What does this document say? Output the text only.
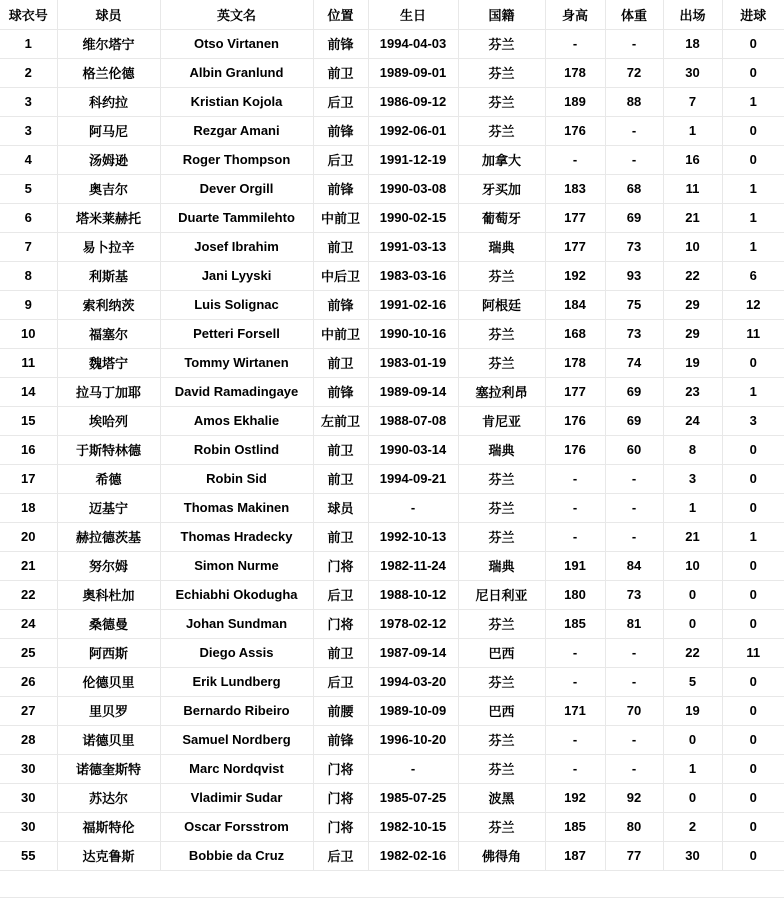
球衣号	球员	英文名	位置	生日	国籍	身高	体重	出场	进球
1	维尔塔宁	Otso Virtanen	前锋	1994-04-03	芬兰	-	-	18	0
2	格兰伦德	Albin Granlund	前卫	1989-09-01	芬兰	178	72	30	0
3	科约拉	Kristian Kojola	后卫	1986-09-12	芬兰	189	88	7	1
3	阿马尼	Rezgar Amani	前锋	1992-06-01	芬兰	176	-	1	0
4	汤姆逊	Roger Thompson	后卫	1991-12-19	加拿大	-	-	16	0
5	奥吉尔	Dever Orgill	前锋	1990-03-08	牙买加	183	68	11	1
6	塔米莱赫托	Duarte Tammilehto	中前卫	1990-02-15	葡萄牙	177	69	21	1
7	易卜拉辛	Josef Ibrahim	前卫	1991-03-13	瑞典	177	73	10	1
8	利斯基	Jani Lyyski	中后卫	1983-03-16	芬兰	192	93	22	6
9	索利纳茨	Luis Solignac	前锋	1991-02-16	阿根廷	184	75	29	12
10	福塞尔	Petteri Forsell	中前卫	1990-10-16	芬兰	168	73	29	11
11	魏塔宁	Tommy Wirtanen	前卫	1983-01-19	芬兰	178	74	19	0
14	拉马丁加耶	David Ramadingaye	前锋	1989-09-14	塞拉利昂	177	69	23	1
15	埃哈列	Amos Ekhalie	左前卫	1988-07-08	肯尼亚	176	69	24	3
16	于斯特林德	Robin Ostlind	前卫	1990-03-14	瑞典	176	60	8	0
17	希德	Robin Sid	前卫	1994-09-21	芬兰	-	-	3	0
18	迈基宁	Thomas Makinen	球员	-	芬兰	-	-	1	0
20	赫拉德茨基	Thomas Hradecky	前卫	1992-10-13	芬兰	-	-	21	1
21	努尔姆	Simon Nurme	门将	1982-11-24	瑞典	191	84	10	0
22	奥科杜加	Echiabhi Okodugha	后卫	1988-10-12	尼日利亚	180	73	0	0
24	桑德曼	Johan Sundman	门将	1978-02-12	芬兰	185	81	0	0
25	阿西斯	Diego Assis	前卫	1987-09-14	巴西	-	-	22	11
26	伦德贝里	Erik Lundberg	后卫	1994-03-20	芬兰	-	-	5	0
27	里贝罗	Bernardo Ribeiro	前腰	1989-10-09	巴西	171	70	19	0
28	诺德贝里	Samuel Nordberg	前锋	1996-10-20	芬兰	-	-	0	0
30	诺德奎斯特	Marc Nordqvist	门将	-	芬兰	-	-	1	0
30	苏达尔	Vladimir Sudar	门将	1985-07-25	波黑	192	92	0	0
30	福斯特伦	Oscar Forsstrom	门将	1982-10-15	芬兰	185	80	2	0
55	达克鲁斯	Bobbie da Cruz	后卫	1982-02-16	佛得角	187	77	30	0
